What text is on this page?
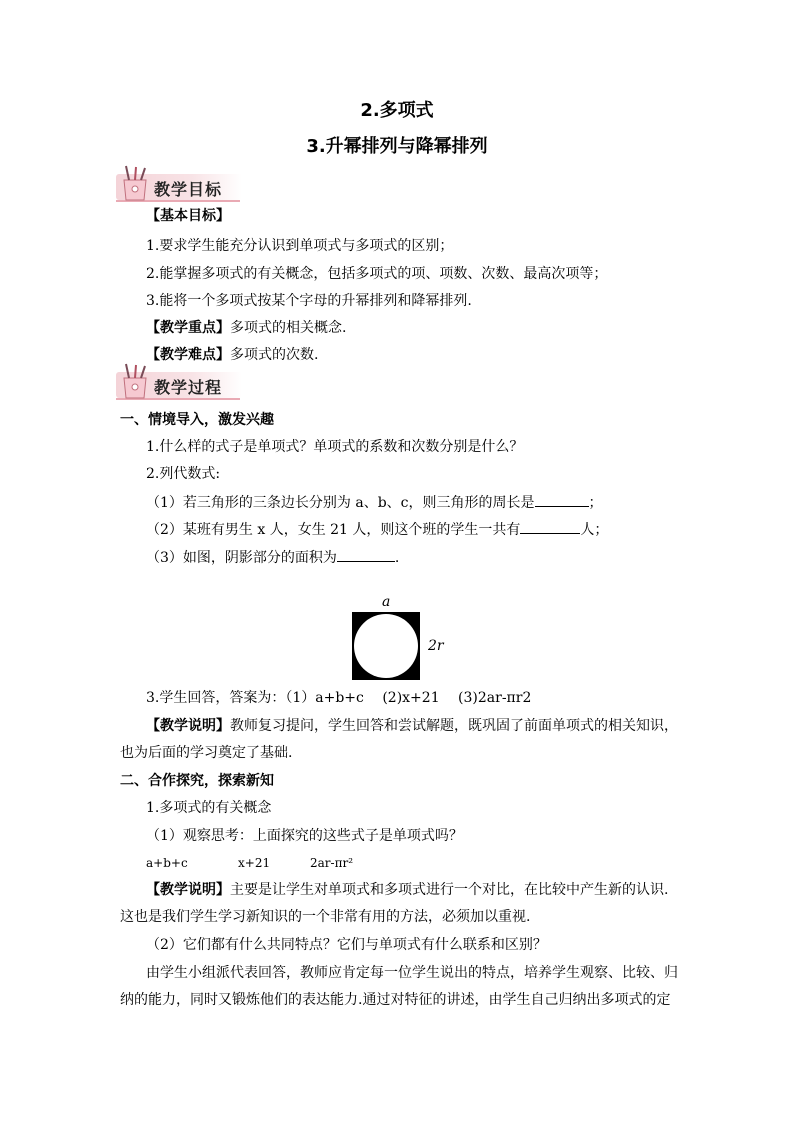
2.多项式
3.升幂排列与降幂排列
教学目标
【基本目标】
1.要求学生能充分认识到单项式与多项式的区别；
2.能掌握多项式的有关概念，包括多项式的项、项数、次数、最高次项等；
3.能将一个多项式按某个字母的升幂排列和降幂排列.
【教学重点】多项式的相关概念.
【教学难点】多项式的次数.
教学过程
一、情境导入，激发兴趣
1.什么样的式子是单项式？单项式的系数和次数分别是什么？
2.列代数式:
（1）若三角形的三条边长分别为 a、b、c，则三角形的周长是	；
（2）某班有男生 x 人，女生 21 人，则这个班的学生一共有	人；
（3）如图，阴影部分的面积为	.
a
2r
3.学生回答，答案为：（1）a+b+c　 (2)x+21　 (3)2ar-πr2
【教学说明】教师复习提问，学生回答和尝试解题，既巩固了前面单项式的相关知识，
也为后面的学习奠定了基础.
二、合作探究，探索新知
1.多项式的有关概念
（1）观察思考：上面探究的这些式子是单项式吗？
a+b+c	x+21	2ar-πr²
【教学说明】主要是让学生对单项式和多项式进行一个对比，在比较中产生新的认识.
这也是我们学生学习新知识的一个非常有用的方法，必须加以重视.
（2）它们都有什么共同特点？它们与单项式有什么联系和区别？
由学生小组派代表回答，教师应肯定每一位学生说出的特点，培养学生观察、比较、归
纳的能力，同时又锻炼他们的表达能力.通过对特征的讲述，由学生自己归纳出多项式的定
